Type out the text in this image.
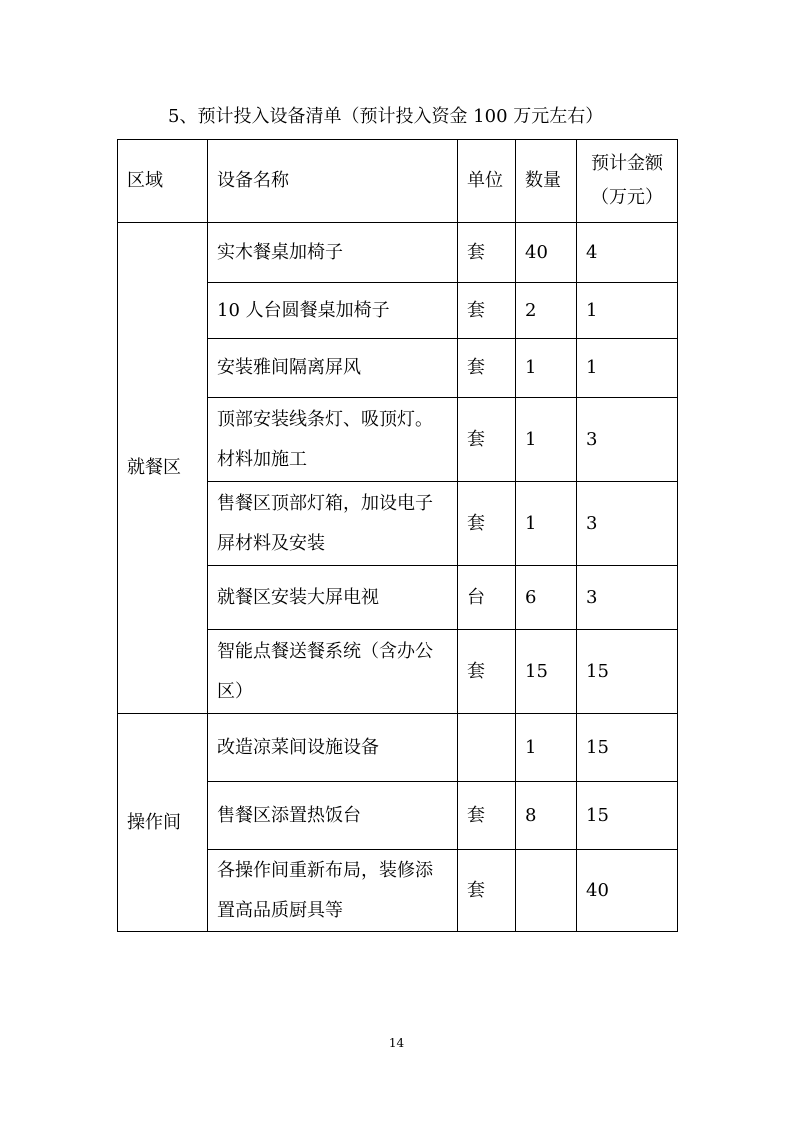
5、预计投入设备清单（预计投入资金 100 万元左右）
区域	设备名称	单位	数量	预计金额
（万元）

就餐区	实木餐桌加椅子	套	40	4
	10 人台圆餐桌加椅子	套	2	1
	安装雅间隔离屏风	套	1	1
	顶部安装线条灯、吸顶灯。材料加施工	套	1	3
	售餐区顶部灯箱，加设电子屏材料及安装	套	1	3
	就餐区安装大屏电视	台	6	3
	智能点餐送餐系统（含办公区）	套	15	15
操作间	改造凉菜间设施设备		1	15
	售餐区添置热饭台	套	8	15
	各操作间重新布局，装修添置高品质厨具等	套		40
14
